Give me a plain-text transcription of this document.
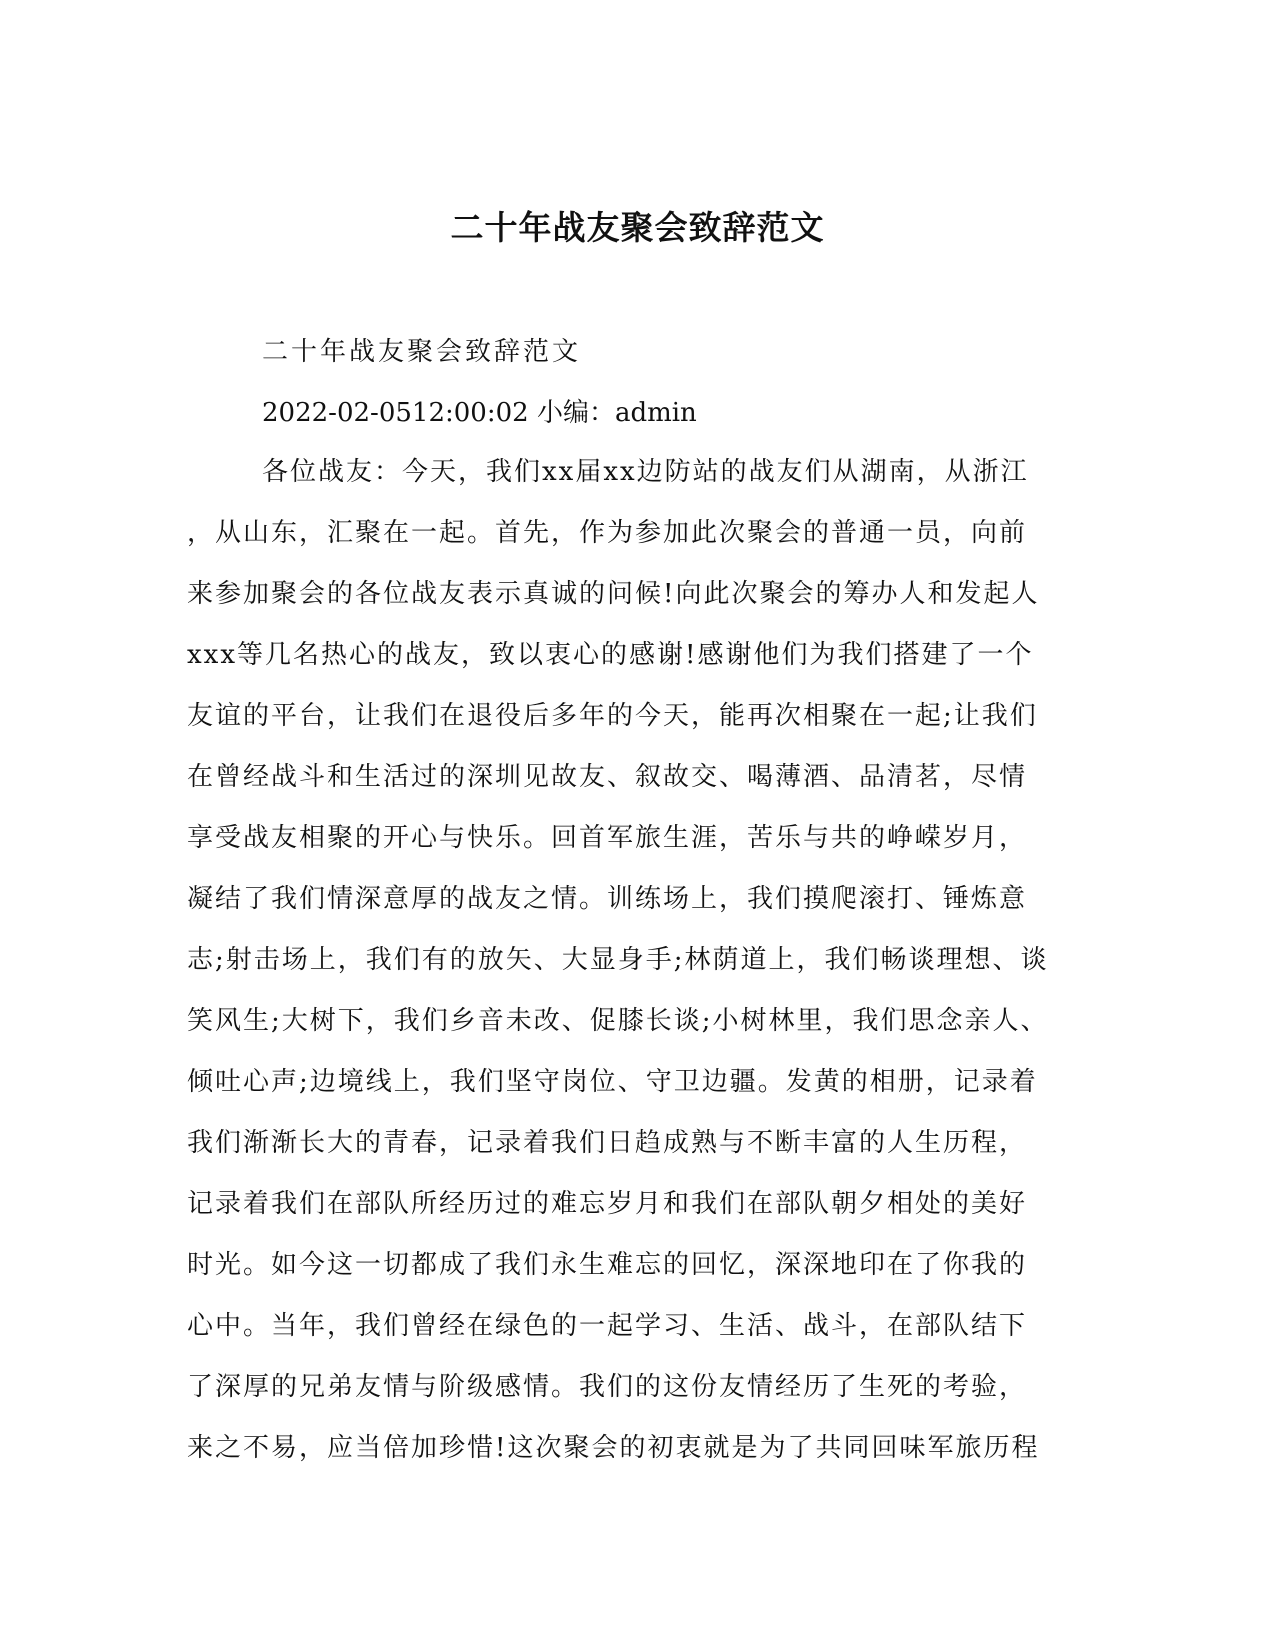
二十年战友聚会致辞范文

二十年战友聚会致辞范文

2022-02-0512:00:02 小编：admin

各位战友：今天，我们xx届xx边防站的战友们从湖南，从浙江
，从山东，汇聚在一起。首先，作为参加此次聚会的普通一员，向前
来参加聚会的各位战友表示真诚的问候!向此次聚会的筹办人和发起人
xxx等几名热心的战友，致以衷心的感谢!感谢他们为我们搭建了一个
友谊的平台，让我们在退役后多年的今天，能再次相聚在一起;让我们
在曾经战斗和生活过的深圳见故友、叙故交、喝薄酒、品清茗，尽情
享受战友相聚的开心与快乐。回首军旅生涯，苦乐与共的峥嵘岁月，
凝结了我们情深意厚的战友之情。训练场上，我们摸爬滚打、锤炼意
志;射击场上，我们有的放矢、大显身手;林荫道上，我们畅谈理想、谈
笑风生;大树下，我们乡音未改、促膝长谈;小树林里，我们思念亲人、
倾吐心声;边境线上，我们坚守岗位、守卫边疆。发黄的相册，记录着
我们渐渐长大的青春，记录着我们日趋成熟与不断丰富的人生历程，
记录着我们在部队所经历过的难忘岁月和我们在部队朝夕相处的美好
时光。如今这一切都成了我们永生难忘的回忆，深深地印在了你我的
心中。当年，我们曾经在绿色的一起学习、生活、战斗，在部队结下
了深厚的兄弟友情与阶级感情。我们的这份友情经历了生死的考验，
来之不易，应当倍加珍惜!这次聚会的初衷就是为了共同回味军旅历程
